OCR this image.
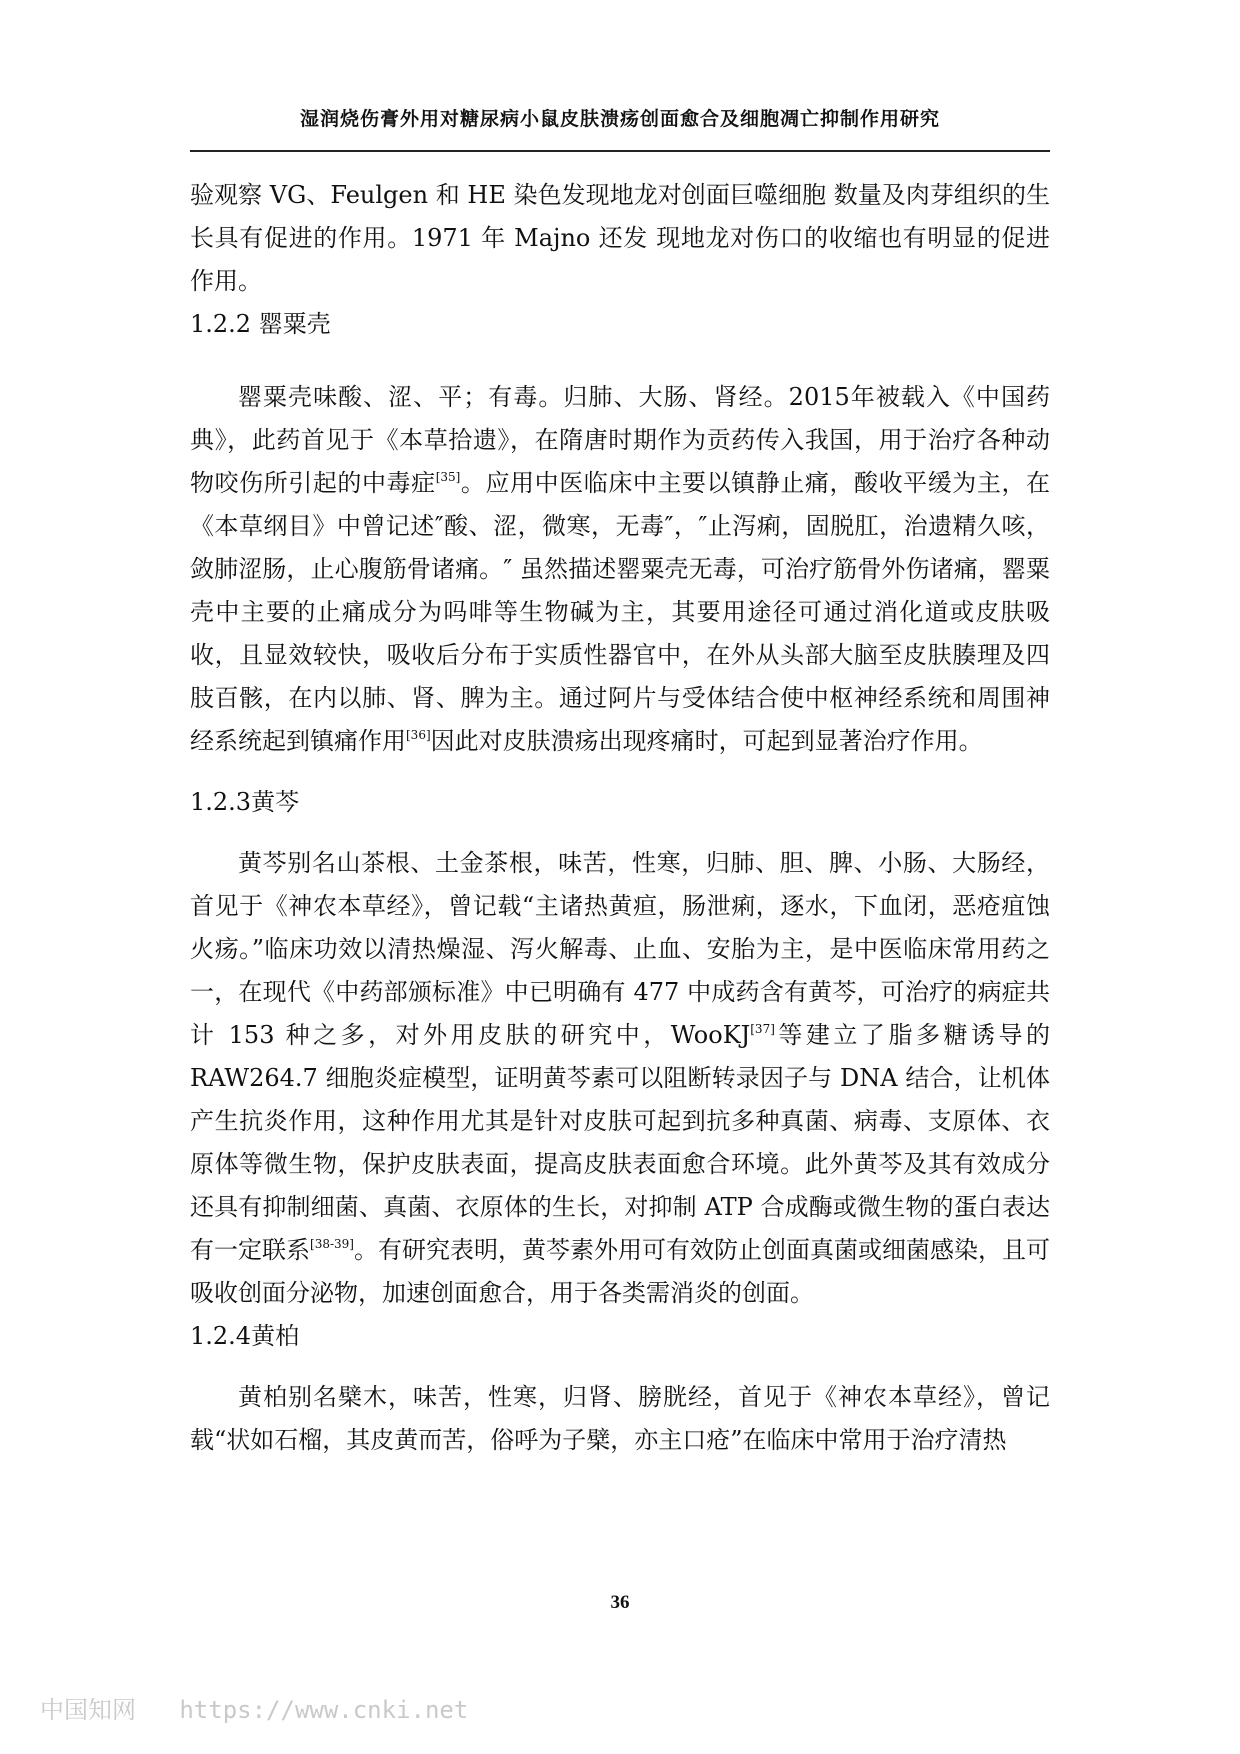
湿润烧伤膏外用对糖尿病小鼠皮肤溃疡创面愈合及细胞凋亡抑制作用研究

验观察 VG、Feulgen 和 HE 染色发现地龙对创面巨噬细胞 数量及肉芽组织的生长具有促进的作用。1971 年 Majno 还发 现地龙对伤口的收缩也有明显的促进作用。

1.2.2 罂粟壳

罂粟壳味酸、涩、平；有毒。归肺、大肠、肾经。2015年被载入《中国药典》，此药首见于《本草拾遗》，在隋唐时期作为贡药传入我国，用于治疗各种动物咬伤所引起的中毒症[35]。应用中医临床中主要以镇静止痛，酸收平缓为主，在《本草纲目》中曾记述″酸、涩，微寒，无毒″，″止泻痢，固脱肛，治遗精久咳，敛肺涩肠，止心腹筋骨诸痛。″ 虽然描述罂粟壳无毒，可治疗筋骨外伤诸痛，罂粟壳中主要的止痛成分为吗啡等生物碱为主，其要用途径可通过消化道或皮肤吸收，且显效较快，吸收后分布于实质性器官中，在外从头部大脑至皮肤腠理及四肢百骸，在内以肺、肾、脾为主。通过阿片与受体结合使中枢神经系统和周围神经系统起到镇痛作用[36]因此对皮肤溃疡出现疼痛时，可起到显著治疗作用。

1.2.3黄芩

黄芩别名山茶根、土金茶根，味苦，性寒，归肺、胆、脾、小肠、大肠经，首见于《神农本草经》，曾记载“主诸热黄疸，肠泄痢，逐水，下血闭，恶疮疽蚀火疡。”临床功效以清热燥湿、泻火解毒、止血、安胎为主，是中医临床常用药之一，在现代《中药部颁标准》中已明确有 477 中成药含有黄芩，可治疗的病症共计 153 种之多，对外用皮肤的研究中，WooKJ[37]等建立了脂多糖诱导的 RAW264.7 细胞炎症模型，证明黄芩素可以阻断转录因子与 DNA 结合，让机体产生抗炎作用，这种作用尤其是针对皮肤可起到抗多种真菌、病毒、支原体、衣原体等微生物，保护皮肤表面，提高皮肤表面愈合环境。此外黄芩及其有效成分还具有抑制细菌、真菌、衣原体的生长，对抑制 ATP 合成酶或微生物的蛋白表达有一定联系[38-39]。有研究表明，黄芩素外用可有效防止创面真菌或细菌感染，且可吸收创面分泌物，加速创面愈合，用于各类需消炎的创面。

1.2.4黄柏

黄柏别名檗木，味苦，性寒，归肾、膀胱经，首见于《神农本草经》，曾记载“状如石榴，其皮黄而苦，俗呼为子檗，亦主口疮”在临床中常用于治疗清热

36
中国知网   https://www.cnki.net
